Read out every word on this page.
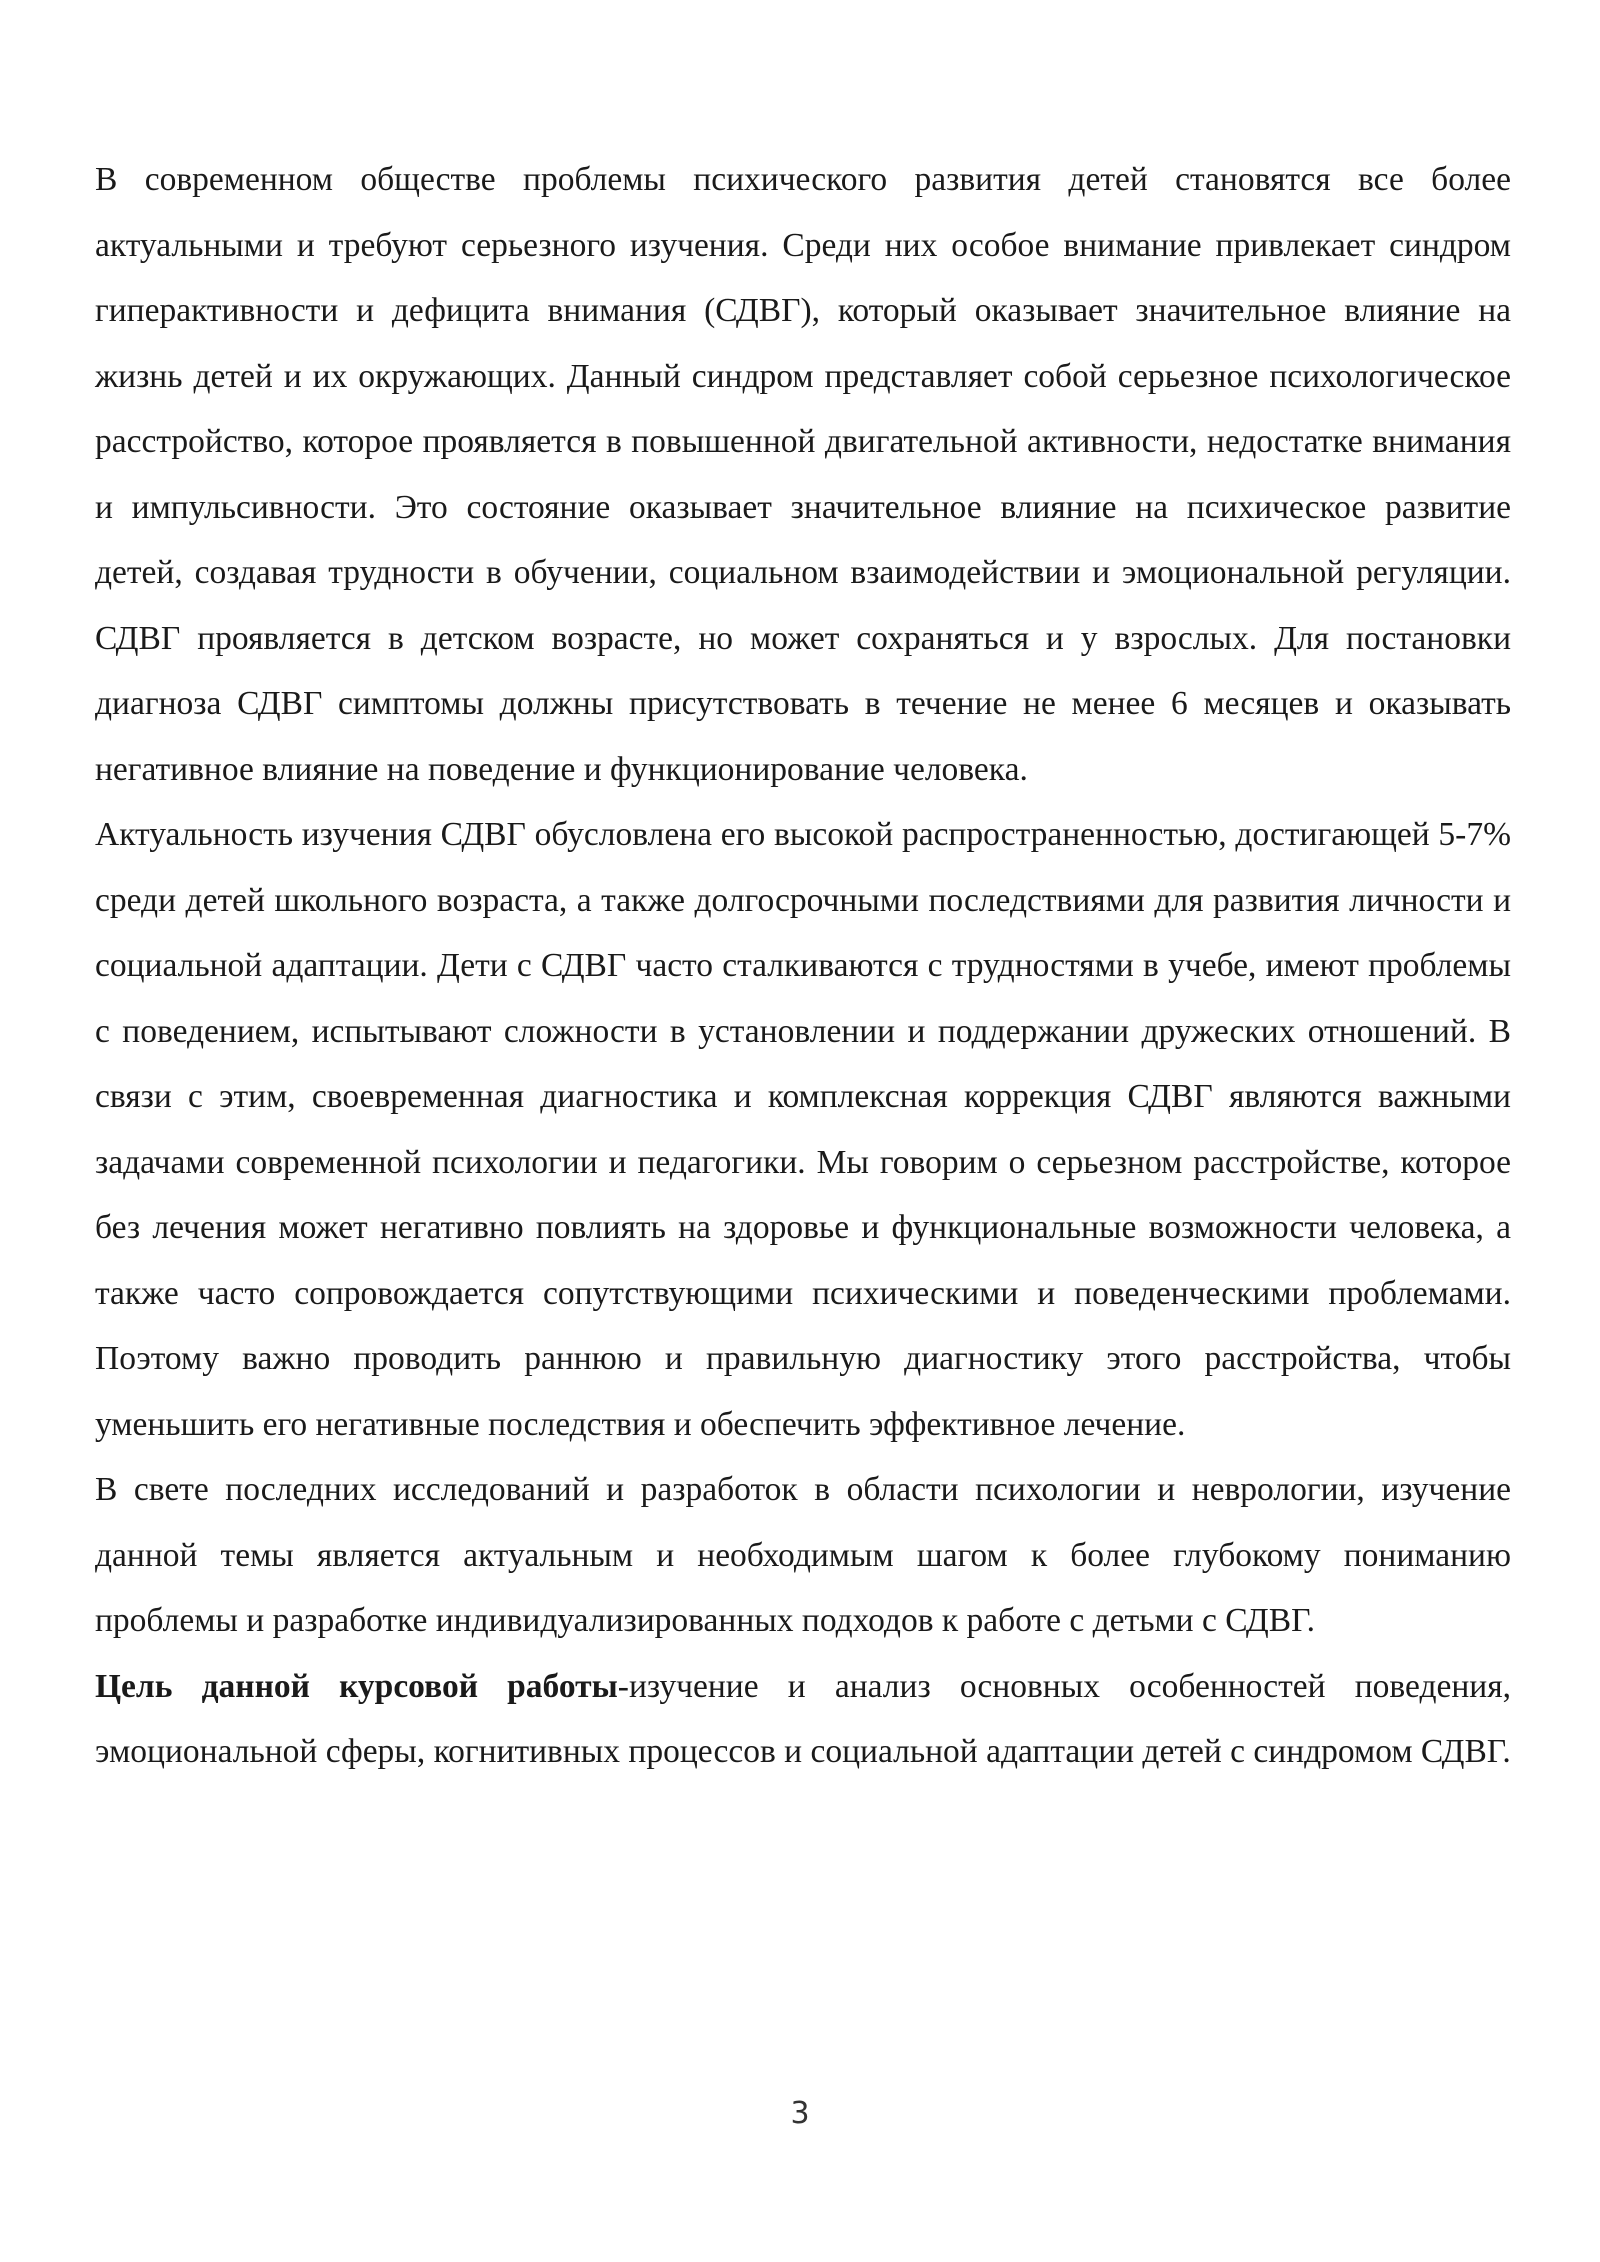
В современном обществе проблемы психического развития детей становятся все более актуальными и требуют серьезного изучения. Среди них особое внимание привлекает синдром гиперактивности и дефицита внимания (СДВГ), который оказывает значительное влияние на жизнь детей и их окружающих. Данный синдром представляет собой серьезное психологическое расстройство, которое проявляется в повышенной двигательной активности, недостатке внимания и импульсивности. Это состояние оказывает значительное влияние на психическое развитие детей, создавая трудности в обучении, социальном взаимодействии и эмоциональной регуляции. СДВГ проявляется в детском возрасте, но может сохраняться и у взрослых. Для постановки диагноза СДВГ симптомы должны присутствовать в течение не менее 6 месяцев и оказывать негативное влияние на поведение и функционирование человека.

Актуальность изучения СДВГ обусловлена его высокой распространенностью, достигающей 5-7% среди детей школьного возраста, а также долгосрочными последствиями для развития личности и социальной адаптации. Дети с СДВГ часто сталкиваются с трудностями в учебе, имеют проблемы с поведением, испытывают сложности в установлении и поддержании дружеских отношений. В связи с этим, своевременная диагностика и комплексная коррекция СДВГ являются важными задачами современной психологии и педагогики. Мы говорим о серьезном расстройстве, которое без лечения может негативно повлиять на здоровье и функциональные возможности человека, а также часто сопровождается сопутствующими психическими и поведенческими проблемами. Поэтому важно проводить раннюю и правильную диагностику этого расстройства, чтобы уменьшить его негативные последствия и обеспечить эффективное лечение.

В свете последних исследований и разработок в области психологии и неврологии, изучение данной темы является актуальным и необходимым шагом к более глубокому пониманию проблемы и разработке индивидуализированных подходов к работе с детьми с СДВГ.

Цель данной курсовой работы-изучение и анализ основных особенностей поведения, эмоциональной сферы, когнитивных процессов и социальной адаптации детей с синдромом СДВГ.

3
